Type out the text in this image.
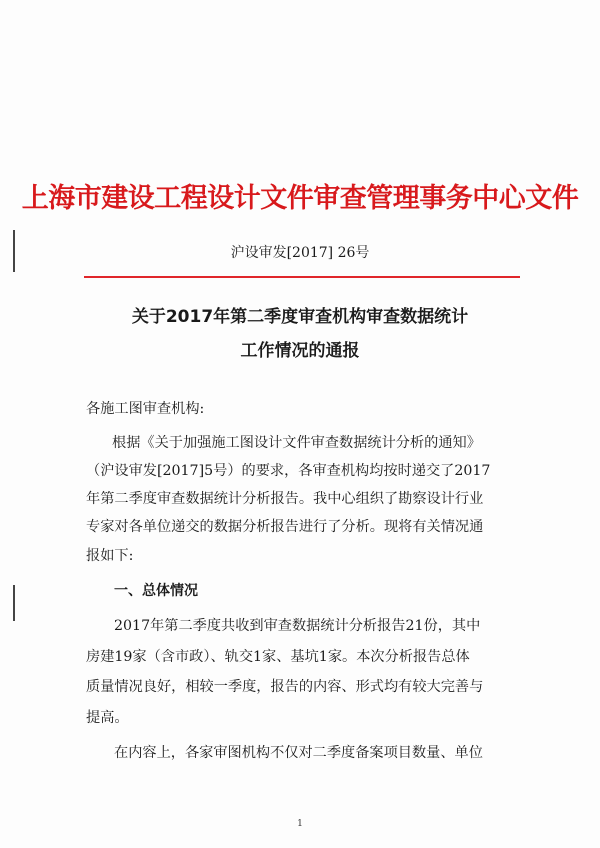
上海市建设工程设计文件审查管理事务中心文件
沪设审发[2017] 26号
关于2017年第二季度审查机构审查数据统计
工作情况的通报
各施工图审查机构:
根据《关于加强施工图设计文件审查数据统计分析的通知》
（沪设审发[2017]5号）的要求，各审查机构均按时递交了2017
年第二季度审查数据统计分析报告。我中心组织了勘察设计行业
专家对各单位递交的数据分析报告进行了分析。现将有关情况通
报如下:
一、总体情况
2017年第二季度共收到审查数据统计分析报告21份，其中
房建19家（含市政）、轨交1家、基坑1家。本次分析报告总体
质量情况良好，相较一季度，报告的内容、形式均有较大完善与
提高。
在内容上，各家审图机构不仅对二季度备案项目数量、单位
1
